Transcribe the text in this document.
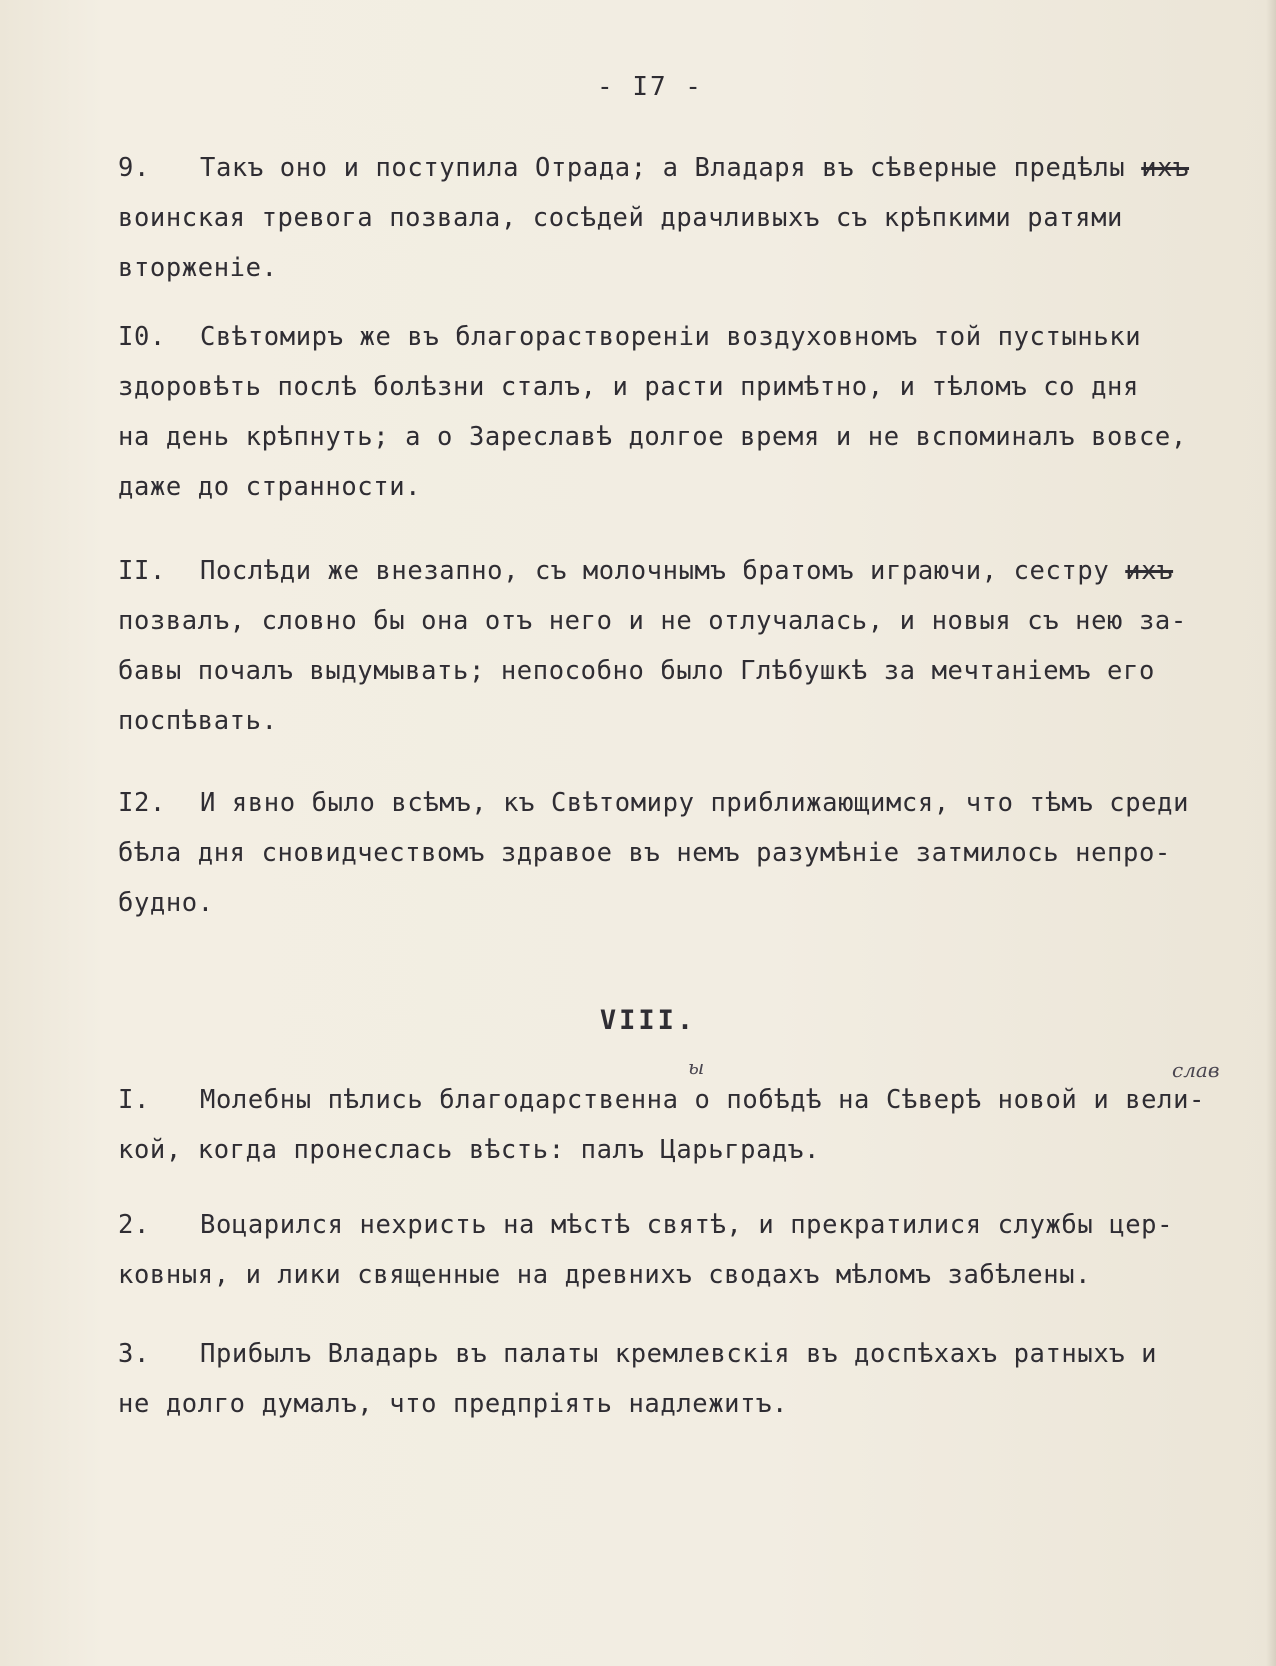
- I7 -
9. Такъ оно и поступила Отрада; а Владаря въ сѣверные предѣлы ихъ
воинская тревога позвала, сосѣдей драчливыхъ съ крѣпкими ратями
вторженіе.
I0. Свѣтомиръ же въ благорастворенiи воздуховномъ той пустыньки
здоровѣть послѣ болѣзни сталъ, и расти примѣтно, и тѣломъ со дня
на день крѣпнуть; а о Зареславѣ долгое время и не вспоминалъ вовсе,
даже до странности.
II. Послѣди же внезапно, съ молочнымъ братомъ играючи, сестру ихъ
позвалъ, словно бы она отъ него и не отлучалась, и новыя съ нею за-
бавы почалъ выдумывать; непособно было Глѣбушкѣ за мечтанiемъ его
поспѣвать.
I2. И явно было всѣмъ, къ Свѣтомиру приближающимся, что тѣмъ среди
бѣла дня сновидчествомъ здравое въ немъ разумѣнiе затмилось непро-
будно.
VIII.
I. Молебны пѣлись благодарственна о побѣдѣ на Сѣверѣ новой и вели-
кой, когда пронеслась вѣсть: палъ Царьградъ.
ы	слав
2. Воцарился нехристь на мѣстѣ святѣ, и прекратилися службы цер-
ковныя, и лики священные на древнихъ сводахъ мѣломъ забѣлены.
3. Прибылъ Владарь въ палаты кремлевскiя въ доспѣхахъ ратныхъ и
не долго думалъ, что предпрiять надлежитъ.
